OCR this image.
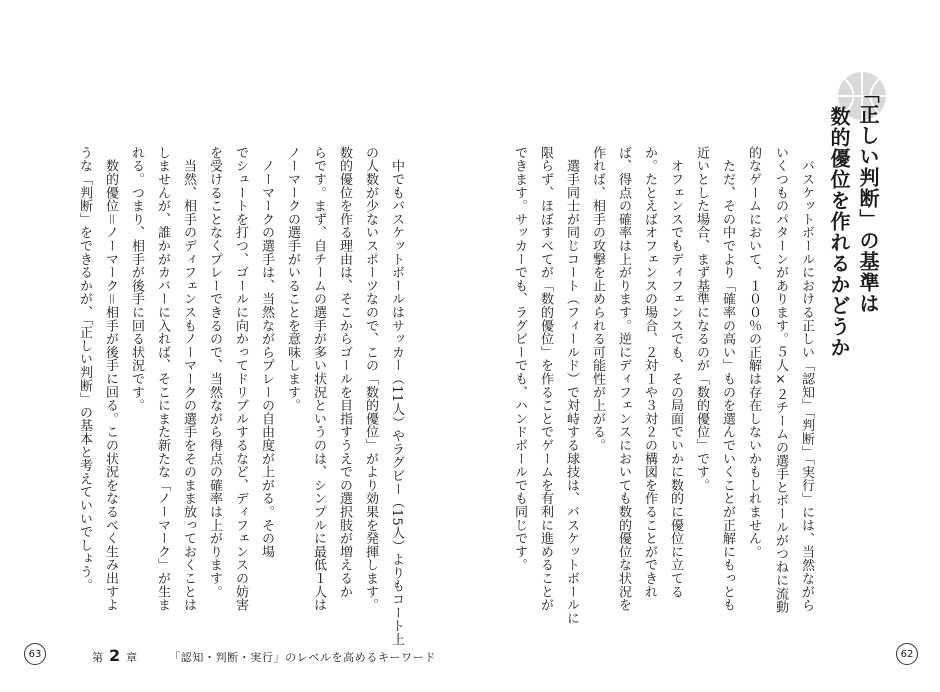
「正しい判断」の基準は
数的優位を作れるかどうか
　バスケットボールにおける正しい「認知」「判断」「実行」には、当然ながら
いくつものパターンがあります。５人×２チームの選手とボールがつねに流動
的なゲームにおいて、１００％の正解は存在しないかもしれません。
　ただ、その中でより「確率の高い」ものを選んでいくことが正解にもっとも
近いとした場合、まず基準になるのが「数的優位」です。
　オフェンスでもディフェンスでも、その局面でいかに数的に優位に立てる
か。たとえばオフェンスの場合、２対１や３対２の構図を作ることができれ
ば、得点の確率は上がります。逆にディフェンスにおいても数的優位な状況を
作れば、相手の攻撃を止められる可能性が上がる。
　選手同士が同じコート（フィールド）で対峙する球技は、バスケットボールに
限らず、ほぼすべてが「数的優位」を作ることでゲームを有利に進めることが
できます。サッカーでも、ラグビーでも、ハンドボールでも同じです。
　中でもバスケットボールはサッカー（11人）やラグビー（15人）よりもコート上
の人数が少ないスポーツなので、この「数的優位」がより効果を発揮します。
数的優位を作る理由は、そこからゴールを目指すうえでの選択肢が増えるか
らです。まず、自チームの選手が多い状況というのは、シンプルに最低１人は
ノーマークの選手がいることを意味します。
　ノーマークの選手は、当然ながらプレーの自由度が上がる。その場
でシュートを打つ、ゴールに向かってドリブルするなど、ディフェンスの妨害
を受けることなくプレーできるので、当然ながら得点の確率は上がります。
　当然、相手のディフェンスもノーマークの選手をそのまま放っておくことは
しませんが、誰かがカバーに入れば、そこにまた新たな「ノーマーク」が生ま
れる。つまり、相手が後手に回る状況です。
　数的優位＝ノーマーク＝相手が後手に回る。この状況をなるべく生み出すよ
うな「判断」をできるかが、「正しい判断」の基本と考えていいでしょう。
63	62
第 2 章	「認知・判断・実行」のレベルを高めるキーワード
